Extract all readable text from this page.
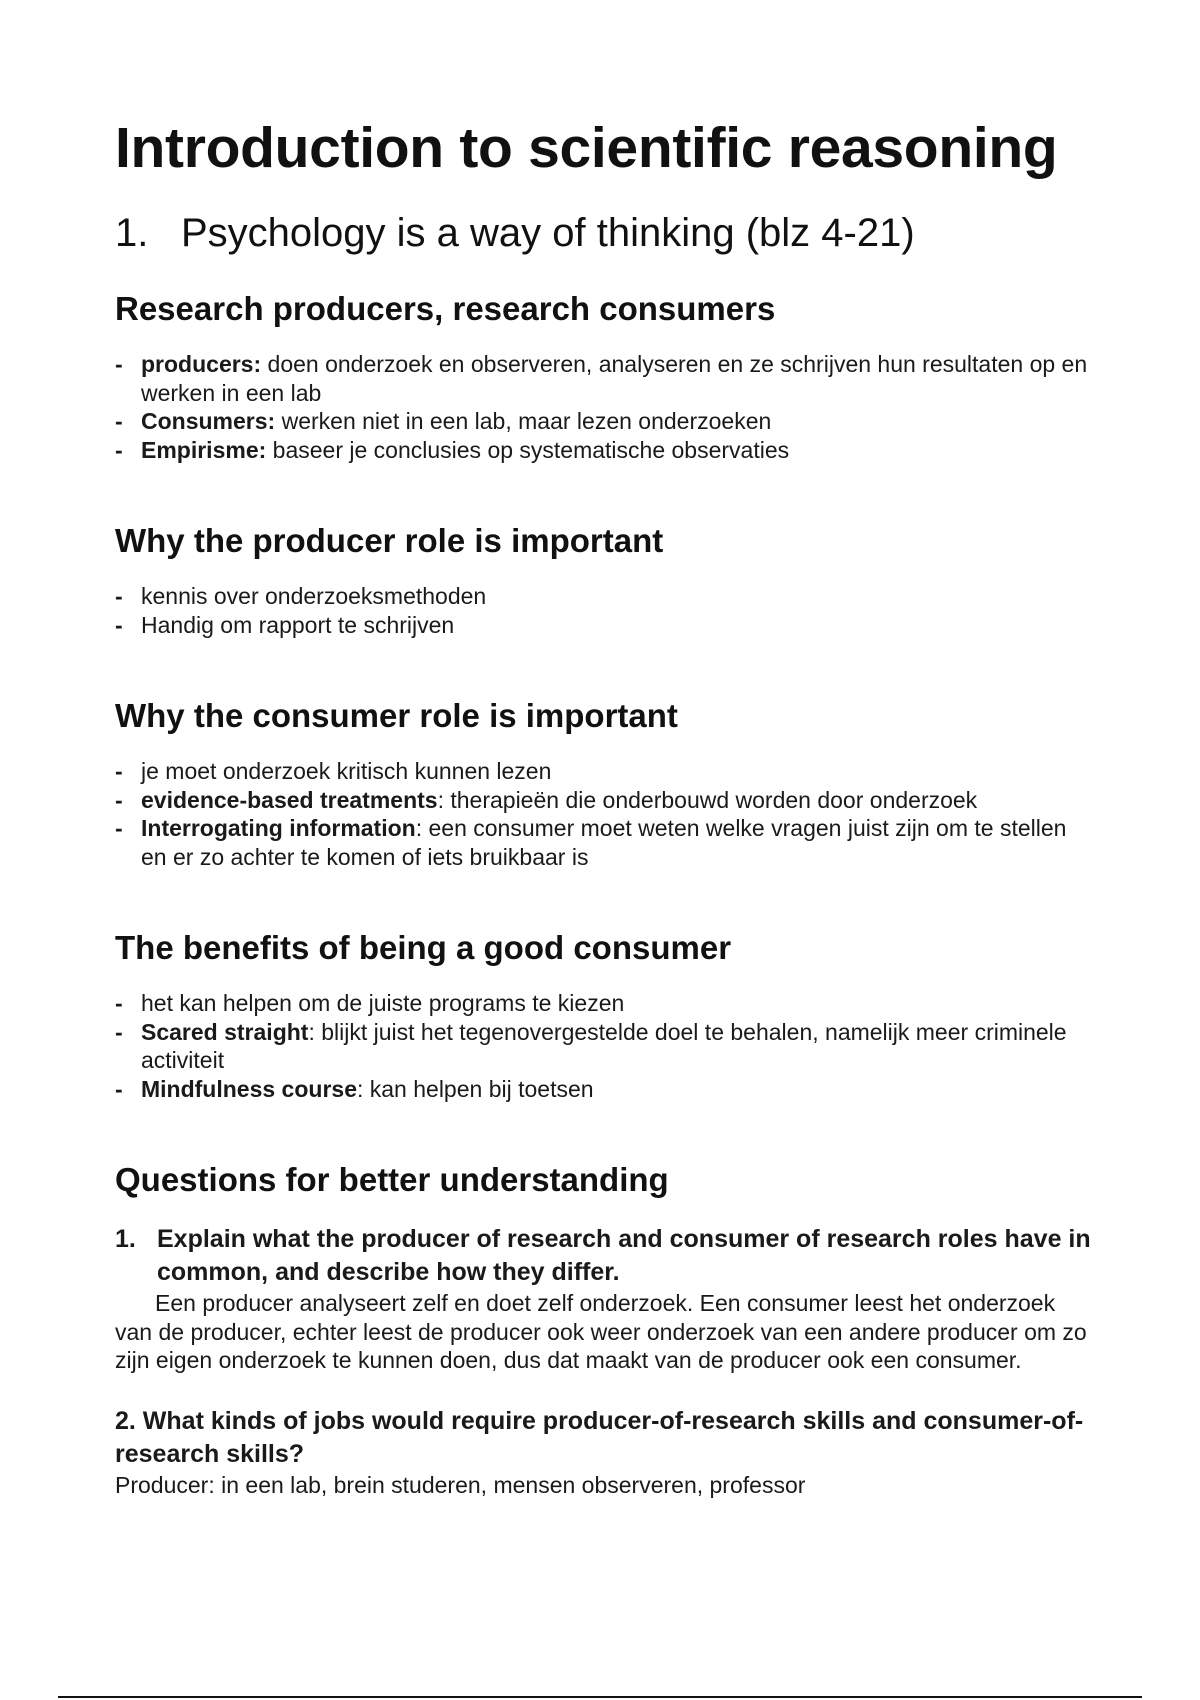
Introduction to scientific reasoning
1. Psychology is a way of thinking (blz 4-21)
Research producers, research consumers
- producers: doen onderzoek en observeren, analyseren en ze schrijven hun resultaten op en werken in een lab
- Consumers: werken niet in een lab, maar lezen onderzoeken
- Empirisme: baseer je conclusies op systematische observaties
Why the producer role is important
- kennis over onderzoeksmethoden
- Handig om rapport te schrijven
Why the consumer role is important
- je moet onderzoek kritisch kunnen lezen
- evidence-based treatments: therapieën die onderbouwd worden door onderzoek
- Interrogating information: een consumer moet weten welke vragen juist zijn om te stellen en er zo achter te komen of iets bruikbaar is
The benefits of being a good consumer
- het kan helpen om de juiste programs te kiezen
- Scared straight: blijkt juist het tegenovergestelde doel te behalen, namelijk meer criminele activiteit
- Mindfulness course: kan helpen bij toetsen
Questions for better understanding
1. Explain what the producer of research and consumer of research roles have in common, and describe how they differ.

Een producer analyseert zelf en doet zelf onderzoek. Een consumer leest het onderzoek van de producer, echter leest de producer ook weer onderzoek van een andere producer om zo zijn eigen onderzoek te kunnen doen, dus dat maakt van de producer ook een consumer.

2. What kinds of jobs would require producer-of-research skills and consumer-of-research skills?

Producer: in een lab, brein studeren, mensen observeren, professor
